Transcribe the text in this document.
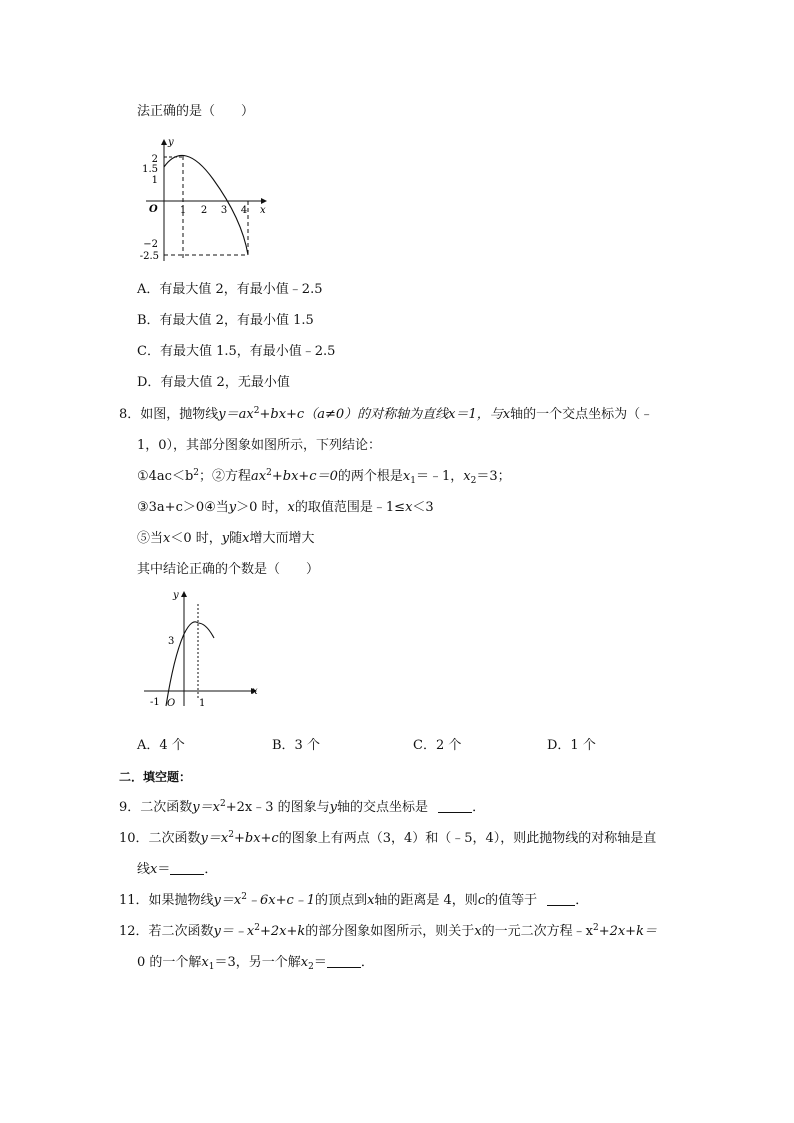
法正确的是（　　）
y
x
O 1 2 3 4
2
1.5
1
−2
-2.5
A．有最大值 2，有最小值﹣2.5
B．有最大值 2，有最小值 1.5
C．有最大值 1.5，有最小值﹣2.5
D．有最大值 2，无最小值
8．如图，抛物线$y=ax^2+bx+c(a\ne 0)$的对称轴为直线x＝1，与x轴的一个交点坐标为（﹣
1，0），其部分图象如图所示，下列结论：
$①4ac<b^2$；②方程$ax^2+bx+c=0$的两个根是$x_1=﹣1$，$x_2=3$；
③3a+c＞0④当y＞0 时，x的取值范围是﹣1≤x＜3
⑤当x＜0 时，y随x增大而增大
其中结论正确的个数是（　　）
y
x
3
-1 O 1
A．4 个	B．3 个	C．2 个	D．1 个
二．填空题：
9．二次函数$y=x^2+2x﹣3$ 的图象与y轴的交点坐标是	．
10．二次函数$y=x^2+bx+c$的图象上有两点（3，4）和（﹣5，4），则此抛物线的对称轴是直
线x＝	．
11．如果抛物线$y=x^2﹣6x+c﹣1$的顶点到x轴的距离是 4，则c的值等于	．
12．若二次函数$y=﹣x^2+2x+k$的部分图象如图所示，则关于x的一元二次方程$﹣x^2+2x+k=$
0 的一个解$x_1=3$，另一个解$x_2=$	．
